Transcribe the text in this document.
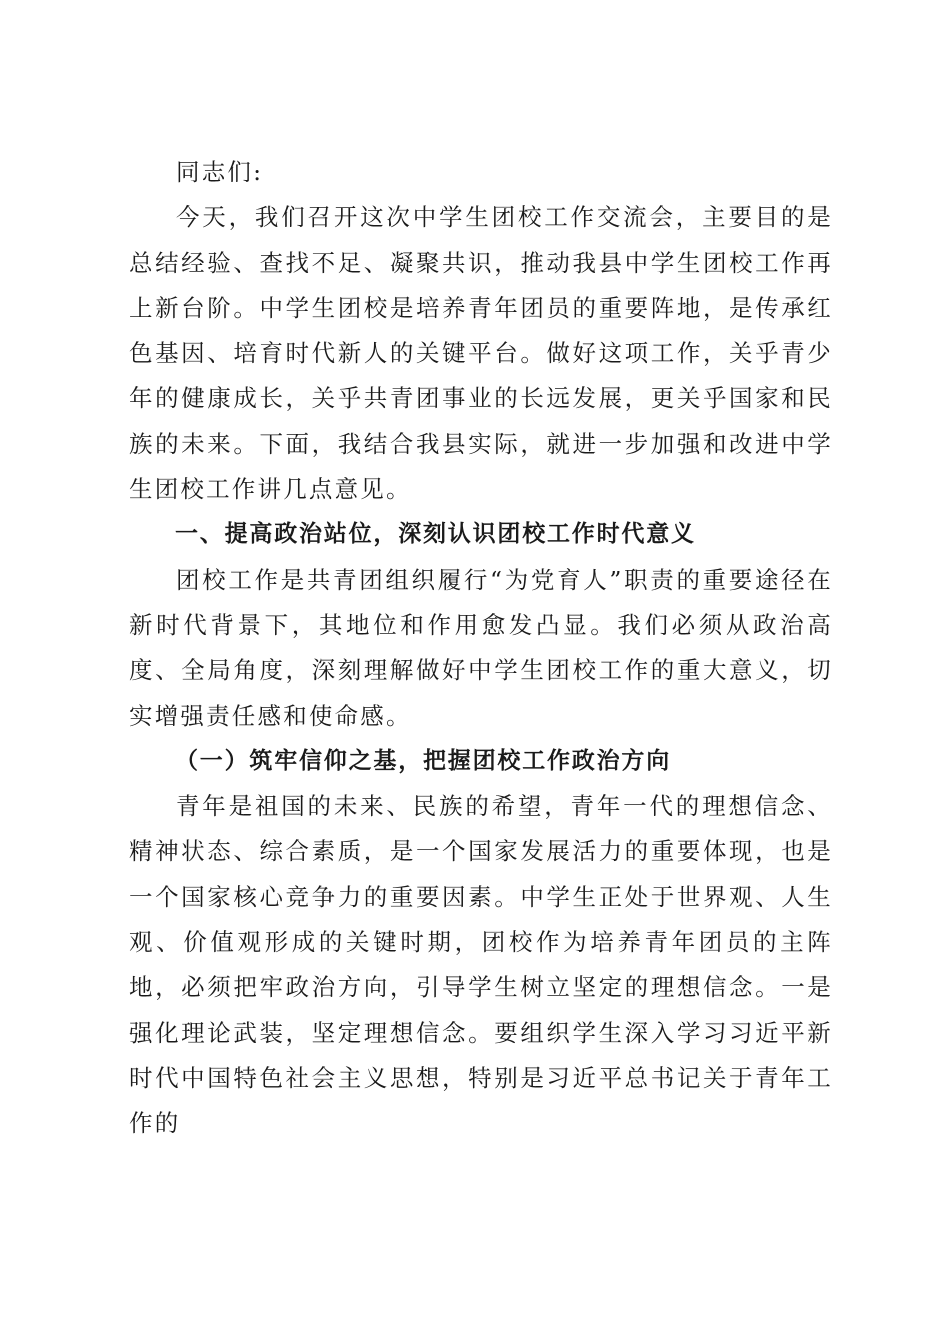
同志们:

今天，我们召开这次中学生团校工作交流会，主要目的是总结经验、查找不足、凝聚共识，推动我县中学生团校工作再上新台阶。中学生团校是培养青年团员的重要阵地，是传承红色基因、培育时代新人的关键平台。做好这项工作，关乎青少年的健康成长，关乎共青团事业的长远发展，更关乎国家和民族的未来。下面，我结合我县实际，就进一步加强和改进中学生团校工作讲几点意见。

一、提高政治站位，深刻认识团校工作时代意义

团校工作是共青团组织履行“为党育人”职责的重要途径在新时代背景下，其地位和作用愈发凸显。我们必须从政治高度、全局角度，深刻理解做好中学生团校工作的重大意义，切实增强责任感和使命感。

（一）筑牢信仰之基，把握团校工作政治方向

青年是祖国的未来、民族的希望，青年一代的理想信念、精神状态、综合素质，是一个国家发展活力的重要体现，也是一个国家核心竞争力的重要因素。中学生正处于世界观、人生观、价值观形成的关键时期，团校作为培养青年团员的主阵地，必须把牢政治方向，引导学生树立坚定的理想信念。一是强化理论武装，坚定理想信念。要组织学生深入学习习近平新时代中国特色社会主义思想，特别是习近平总书记关于青年工作的
